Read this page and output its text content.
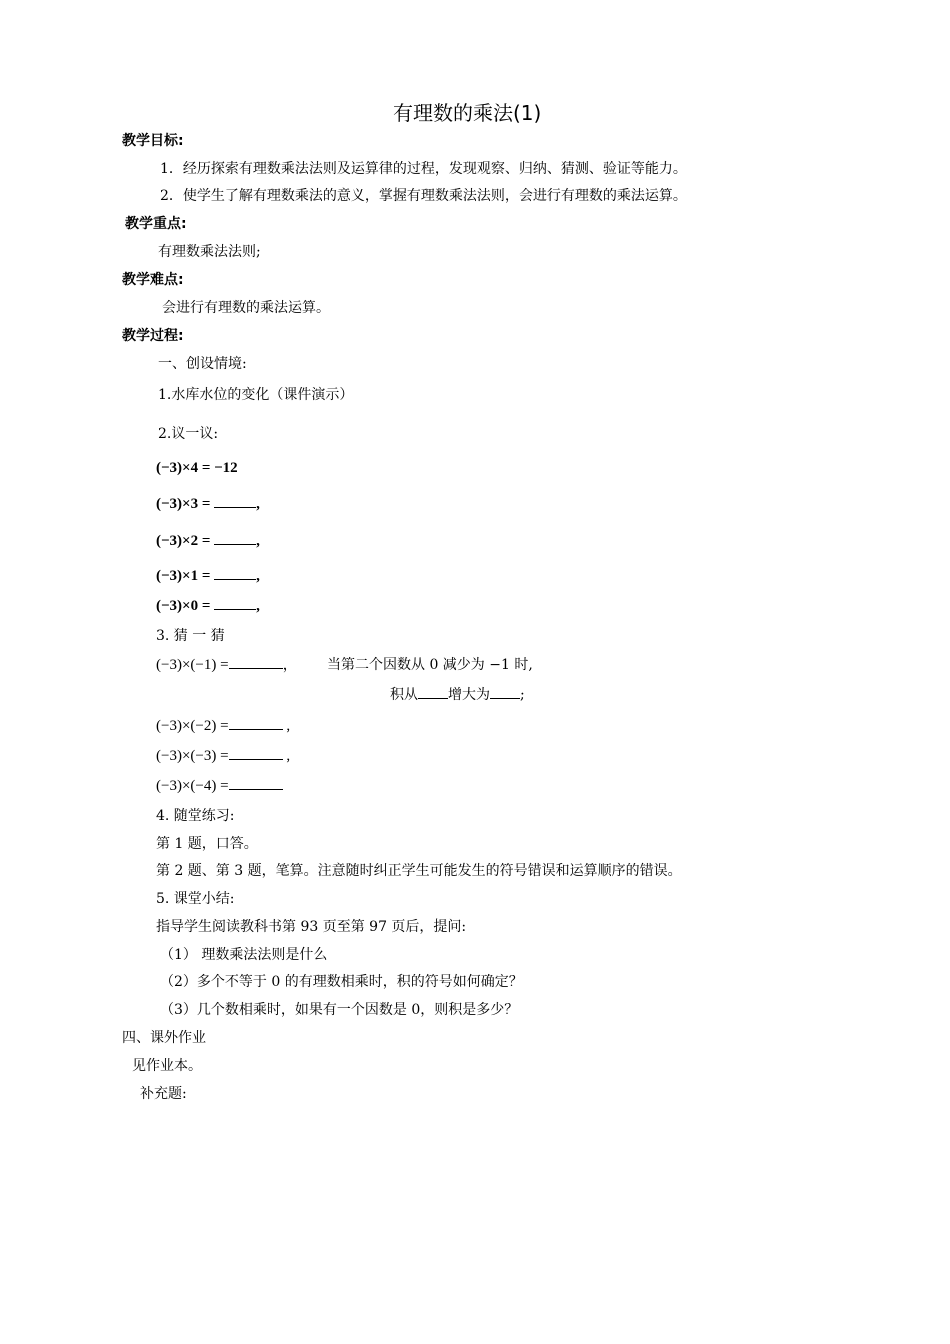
有理数的乘法(1)
教学目标:
1．经历探索有理数乘法法则及运算律的过程，发现观察、归纳、猜测、验证等能力。
2．使学生了解有理数乘法的意义，掌握有理数乘法法则，会进行有理数的乘法运算。
教学重点:
有理数乘法法则;
教学难点:
会进行有理数的乘法运算。
教学过程:
一、创设情境:
1.水库水位的变化（课件演示）
2.议一议:
(−3)×4 = −12
(−3)×3 =	,
(−3)×2 =	,
(−3)×1 =	,
(−3)×0 =	,
3. 猜 一 猜
(−3)×(−1) =	， 当第二个因数从 0 减少为 −1 时,
积从 增大为 ;
(−3)×(−2) =	,
(−3)×(−3) =	,
(−3)×(−4) =
4. 随堂练习:
第 1 题，口答。
第 2 题、第 3 题，笔算。注意随时纠正学生可能发生的符号错误和运算顺序的错误。
5. 课堂小结:
指导学生阅读教科书第 93 页至第 97 页后，提问:
（1） 理数乘法法则是什么
（2）多个不等于 0 的有理数相乘时，积的符号如何确定？
（3）几个数相乘时，如果有一个因数是 0，则积是多少？
四、课外作业
见作业本。
补充题:
